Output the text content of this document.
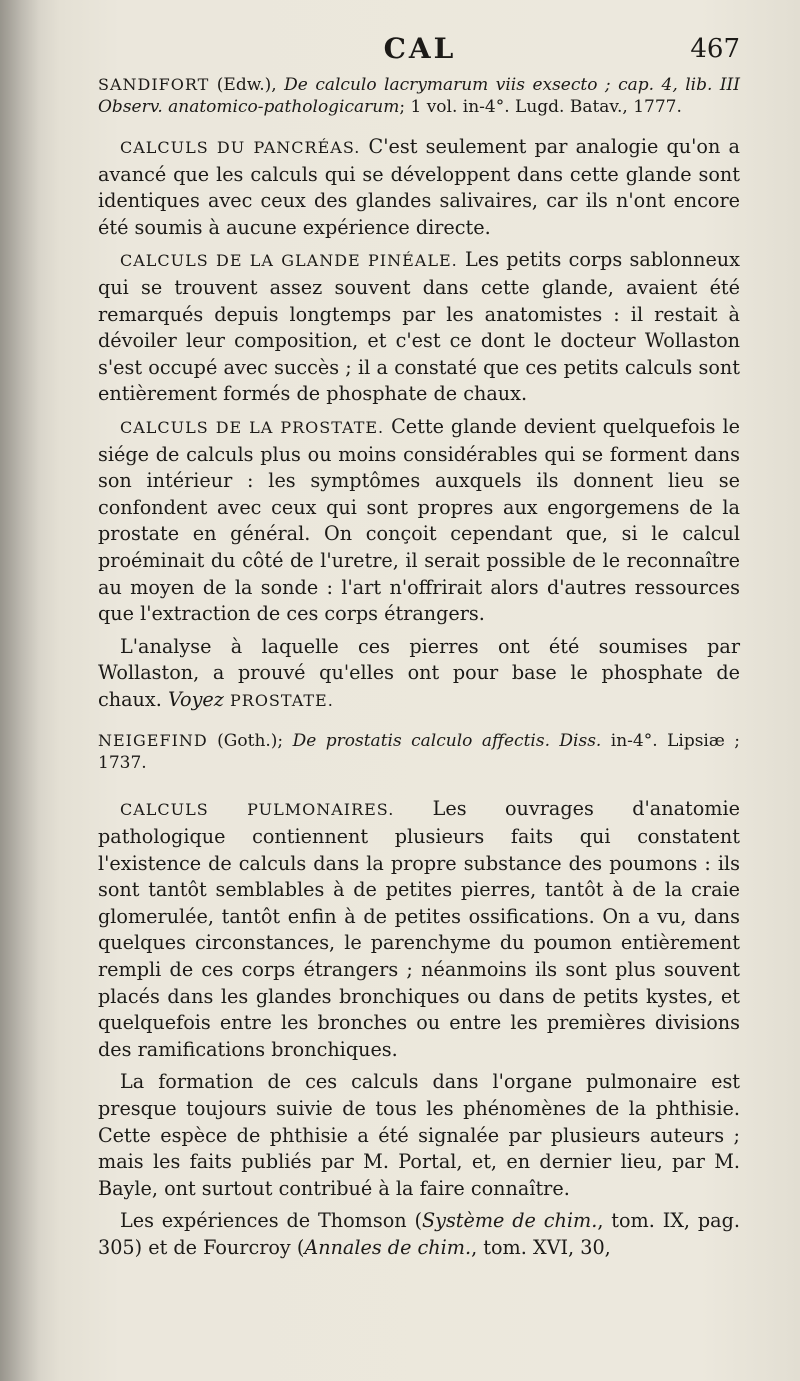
CAL	467

SANDIFORT (Edw.), De calculo lacrymarum viis exsecto ; cap. 4, lib. III Observ. anatomico-pathologicarum; 1 vol. in-4°. Lugd. Batav., 1777.

CALCULS DU PANCRÉAS. C'est seulement par analogie qu'on a avancé que les calculs qui se développent dans cette glande sont identiques avec ceux des glandes salivaires, car ils n'ont encore été soumis à aucune expérience directe.

CALCULS DE LA GLANDE PINÉALE. Les petits corps sablonneux qui se trouvent assez souvent dans cette glande, avaient été remarqués depuis longtemps par les anatomistes : il restait à dévoiler leur composition, et c'est ce dont le docteur Wollaston s'est occupé avec succès ; il a constaté que ces petits calculs sont entièrement formés de phosphate de chaux.

CALCULS DE LA PROSTATE. Cette glande devient quelquefois le siége de calculs plus ou moins considérables qui se forment dans son intérieur : les symptômes auxquels ils donnent lieu se confondent avec ceux qui sont propres aux engorgemens de la prostate en général. On conçoit cependant que, si le calcul proéminait du côté de l'uretre, il serait possible de le reconnaître au moyen de la sonde : l'art n'offrirait alors d'autres ressources que l'extraction de ces corps étrangers.

L'analyse à laquelle ces pierres ont été soumises par Wollaston, a prouvé qu'elles ont pour base le phosphate de chaux. Voyez PROSTATE.

NEIGEFIND (Goth.); De prostatis calculo affectis. Diss. in-4°. Lipsiæ ; 1737.

CALCULS PULMONAIRES. Les ouvrages d'anatomie pathologique contiennent plusieurs faits qui constatent l'existence de calculs dans la propre substance des poumons : ils sont tantôt semblables à de petites pierres, tantôt à de la craie glomerulée, tantôt enfin à de petites ossifications. On a vu, dans quelques circonstances, le parenchyme du poumon entièrement rempli de ces corps étrangers ; néanmoins ils sont plus souvent placés dans les glandes bronchiques ou dans de petits kystes, et quelquefois entre les bronches ou entre les premières divisions des ramifications bronchiques.

La formation de ces calculs dans l'organe pulmonaire est presque toujours suivie de tous les phénomènes de la phthisie. Cette espèce de phthisie a été signalée par plusieurs auteurs ; mais les faits publiés par M. Portal, et, en dernier lieu, par M. Bayle, ont surtout contribué à la faire connaître.

Les expériences de Thomson (Système de chim., tom. IX, pag. 305) et de Fourcroy (Annales de chim., tom. XVI, 30,
